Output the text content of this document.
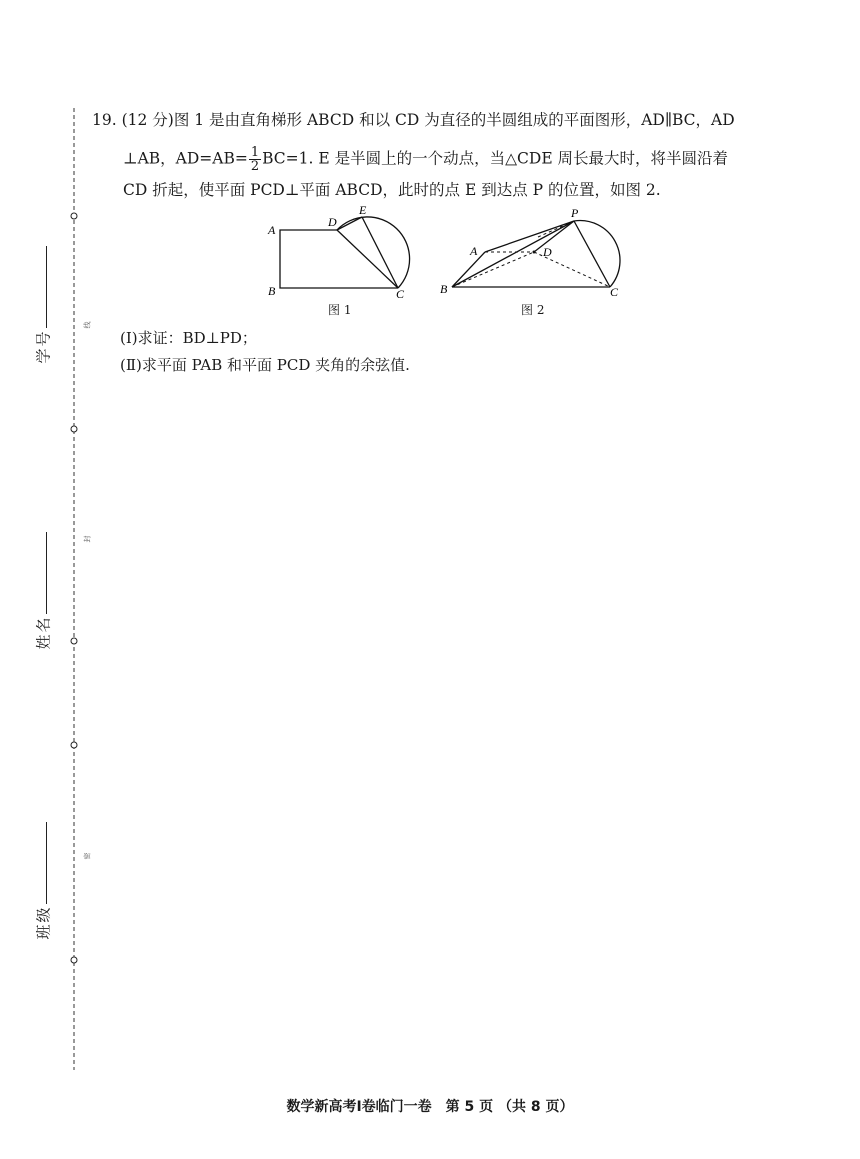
线
封
密
学号
姓名
班级
19. (12 分)图 1 是由直角梯形 ABCD 和以 CD 为直径的半圆组成的平面图形，AD∥BC，AD
⊥AB，$AD=AB= \frac{1}{2} BC=1$. E 是半圆上的一个动点，当△CDE 周长最大时，将半圆沿着
CD 折起，使平面 PCD⊥平面 ABCD，此时的点 E 到达点 P 的位置，如图 2.
A
B	C
D
E
图 1
A
B	C
D
P
图 2
(Ⅰ)求证：BD⊥PD；
(Ⅱ)求平面 PAB 和平面 PCD 夹角的余弦值.
数学新高考Ⅰ卷临门一卷　第 5 页 （共 8 页）
